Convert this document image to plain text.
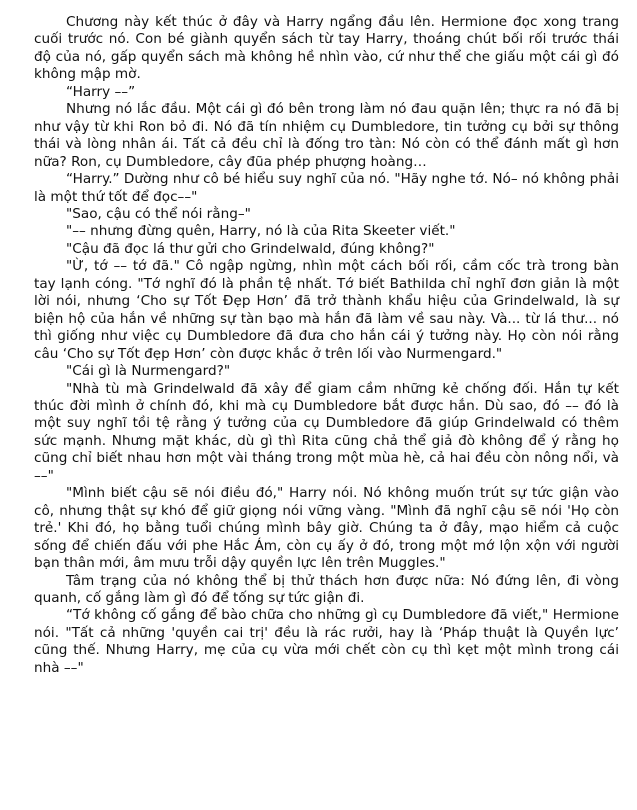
Chương này kết thúc ở đây và Harry ngẩng đầu lên. Hermione đọc xong trang cuối trước nó. Con bé giành quyển sách từ tay Harry, thoáng chút bối rối trước thái độ của nó, gấp quyển sách mà không hề nhìn vào, cứ như thể che giấu một cái gì đó không mập mờ.

“Harry ––”

Nhưng nó lắc đầu. Một cái gì đó bên trong làm nó đau quặn lên; thực ra nó đã bị như vậy từ khi Ron bỏ đi. Nó đã tín nhiệm cụ Dumbledore, tin tưởng cụ bởi sự thông thái và lòng nhân ái. Tất cả đều chỉ là đống tro tàn: Nó còn có thể đánh mất gì hơn nữa? Ron, cụ Dumbledore, cây đũa phép phượng hoàng…

“Harry.” Dường như cô bé hiểu suy nghĩ của nó. "Hãy nghe tớ. Nó– nó không phải là một thứ tốt để đọc––"

"Sao, cậu có thể nói rằng–"

"–– nhưng đừng quên, Harry, nó là của Rita Skeeter viết."

"Cậu đã đọc lá thư gửi cho Grindelwald, đúng không?"

"Ừ, tớ –– tớ đã." Cô ngập ngừng, nhìn một cách bối rối, cầm cốc trà trong bàn tay lạnh cóng. "Tớ nghĩ đó là phần tệ nhất. Tớ biết Bathilda chỉ nghĩ đơn giản là một lời nói, nhưng ‘Cho sự Tốt Đẹp Hơn’ đã trở thành khẩu hiệu của Grindelwald, là sự biện hộ của hắn về những sự tàn bạo mà hắn đã làm về sau này. Và... từ lá thư... nó thì giống như việc cụ Dumbledore đã đưa cho hắn cái ý tưởng này. Họ còn nói rằng câu ‘Cho sự Tốt đẹp Hơn’ còn được khắc ở trên lối vào Nurmengard."

"Cái gì là Nurmengard?"

"Nhà tù mà Grindelwald đã xây để giam cầm những kẻ chống đối. Hắn tự kết thúc đời mình ở chính đó, khi mà cụ Dumbledore bắt được hắn. Dù sao, đó –– đó là một suy nghĩ tồi tệ rằng ý tưởng của cụ Dumbledore đã giúp Grindelwald có thêm sức mạnh. Nhưng mặt khác, dù gì thì Rita cũng chả thể giả đò không để ý rằng họ cũng chỉ biết nhau hơn một vài tháng trong một mùa hè, cả hai đều còn nông nổi, và ––"

"Mình biết cậu sẽ nói điều đó," Harry nói. Nó không muốn trút sự tức giận vào cô, nhưng thật sự khó để giữ giọng nói vững vàng. "Mình đã nghĩ cậu sẽ nói 'Họ còn trẻ.' Khi đó, họ bằng tuổi chúng mình bây giờ. Chúng ta ở đây, mạo hiểm cả cuộc sống để chiến đấu với phe Hắc Ám, còn cụ ấy ở đó, trong một mớ lộn xộn với người bạn thân mới, âm mưu trỗi dậy quyền lực lên trên Muggles."

Tâm trạng của nó không thể bị thử thách hơn được nữa: Nó đứng lên, đi vòng quanh, cố gắng làm gì đó để tống sự tức giận đi.

“Tớ không cố gắng để bào chữa cho những gì cụ Dumbledore đã viết," Hermione nói. "Tất cả những 'quyền cai trị' đều là rác rưởi, hay là ‘Pháp thuật là Quyền lực’ cũng thế. Nhưng Harry, mẹ của cụ vừa mới chết còn cụ thì kẹt một mình trong cái nhà ––"
